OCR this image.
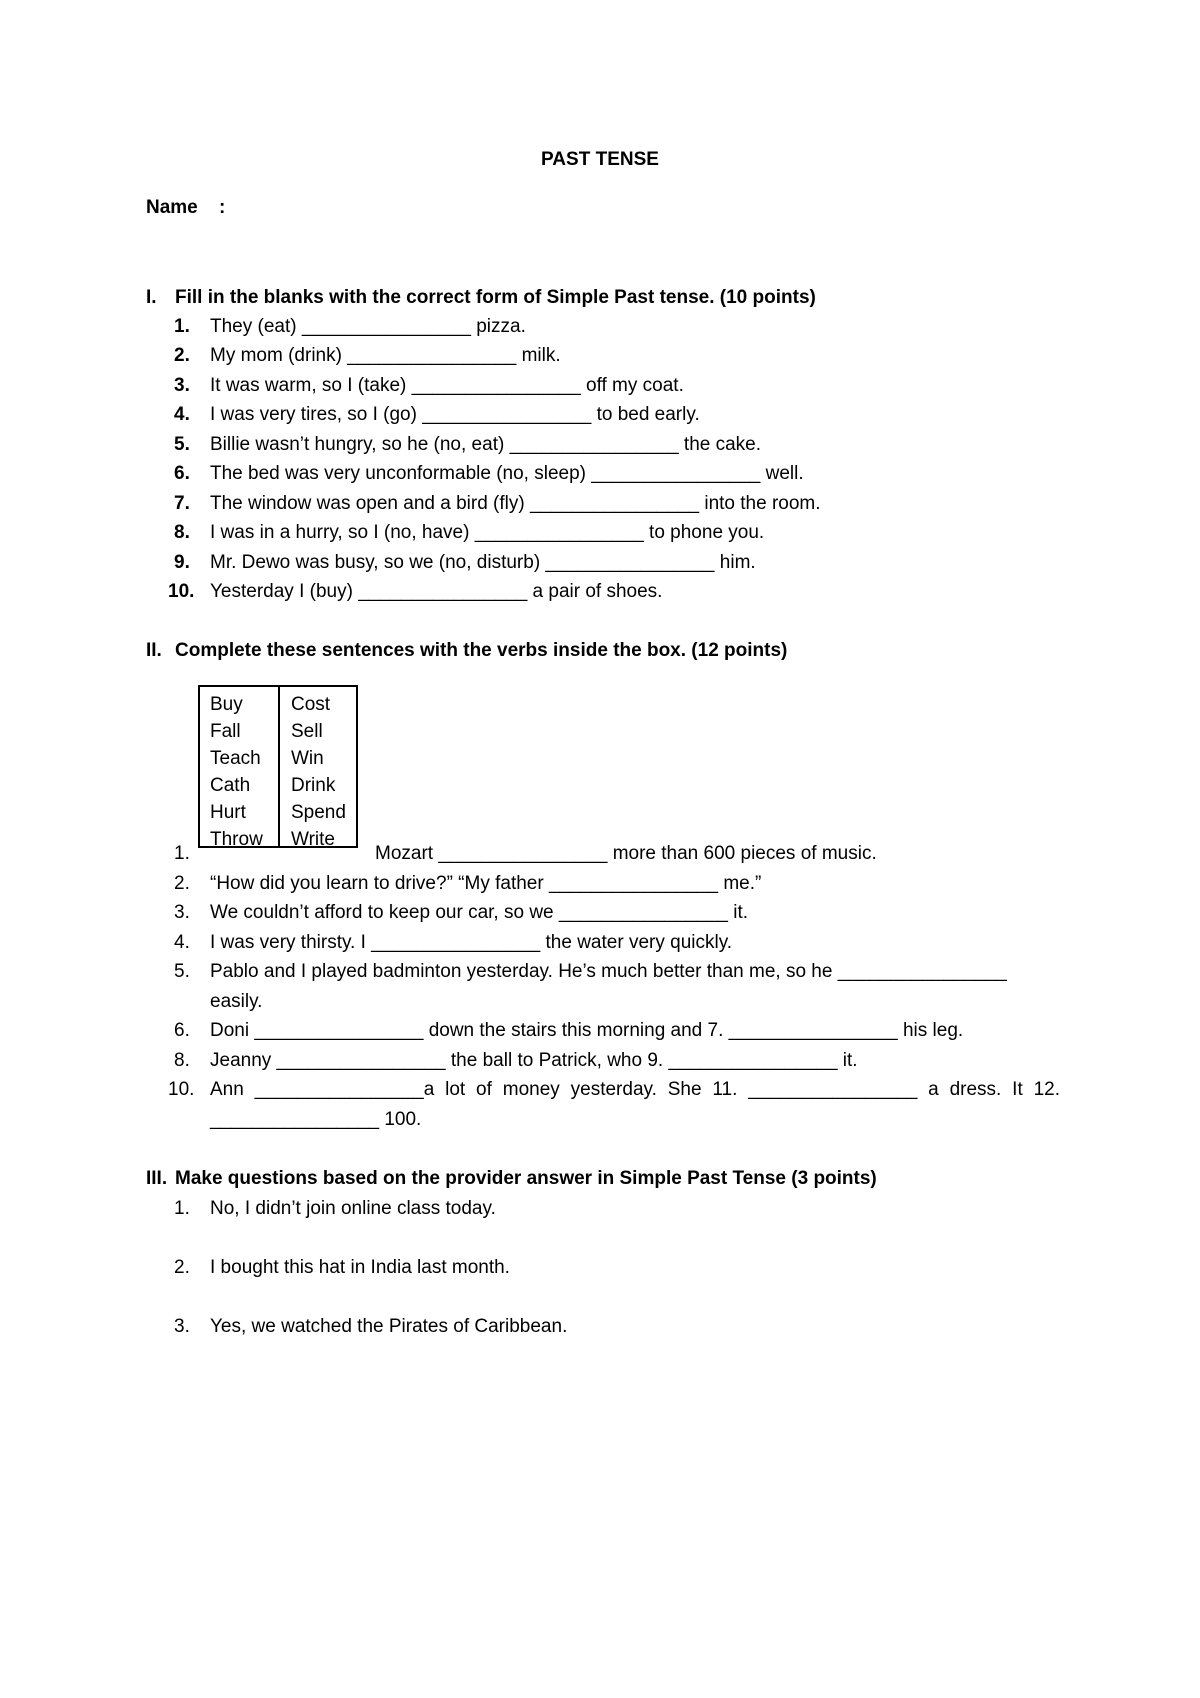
PAST TENSE
Name :
I. Fill in the blanks with the correct form of Simple Past tense. (10 points)
1. They (eat) ________________ pizza.
2. My mom (drink) ________________ milk.
3. It was warm, so I (take) ________________ off my coat.
4. I was very tires, so I (go) ________________ to bed early.
5. Billie wasn’t hungry, so he (no, eat) ________________ the cake.
6. The bed was very unconformable (no, sleep) ________________ well.
7. The window was open and a bird (fly) ________________ into the room.
8. I was in a hurry, so I (no, have) ________________ to phone you.
9. Mr. Dewo was busy, so we (no, disturb) ________________ him.
10. Yesterday I (buy) ________________ a pair of shoes.
II. Complete these sentences with the verbs inside the box. (12 points)
Buy
Fall
Teach
Cath
Hurt
Throw
Cost
Sell
Win
Drink
Spend
Write
1.	Mozart ________________ more than 600 pieces of music.
2. “How did you learn to drive?” “My father ________________ me.”
3. We couldn’t afford to keep our car, so we ________________ it.
4. I was very thirsty. I ________________ the water very quickly.
5. Pablo and I played badminton yesterday. He’s much better than me, so he ________________
easily.
6. Doni ________________ down the stairs this morning and 7. ________________ his leg.
8. Jeanny ________________ the ball to Patrick, who 9. ________________ it.
10. Ann ________________a lot of money yesterday. She 11. ________________ a dress. It 12.
________________ 100.
III. Make questions based on the provider answer in Simple Past Tense (3 points)
1. No, I didn’t join online class today.
2. I bought this hat in India last month.
3. Yes, we watched the Pirates of Caribbean.
